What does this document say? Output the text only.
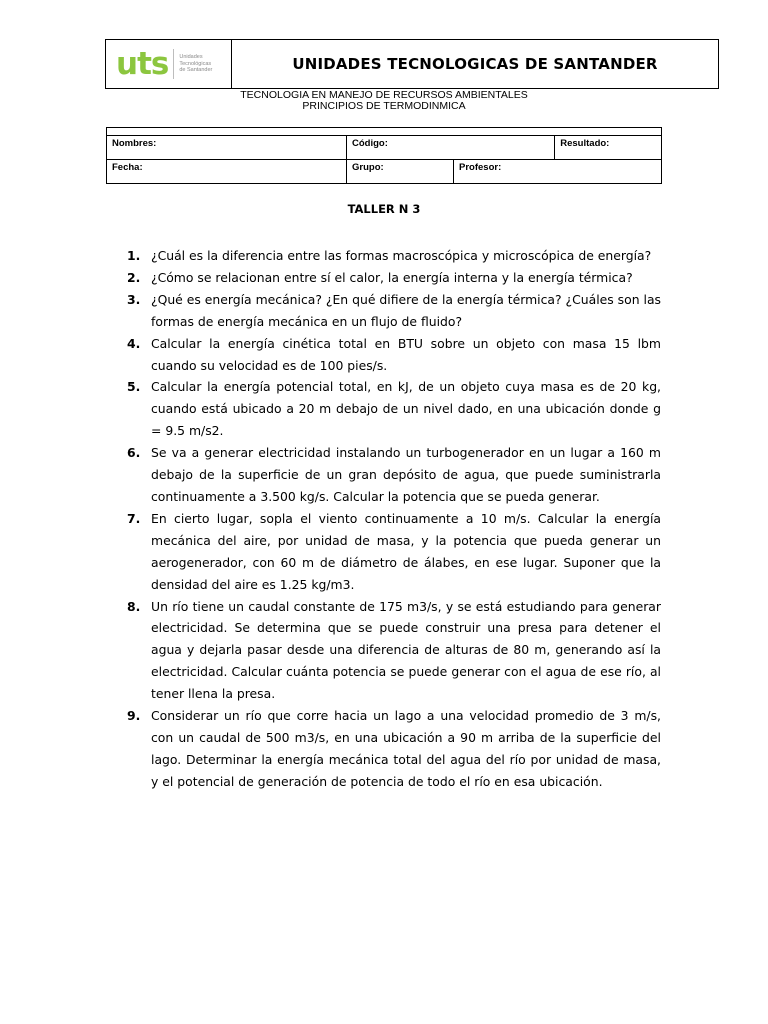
uts Unidades
Tecnológicas
de Santander	UNIDADES TECNOLOGICAS DE SANTANDER
TECNOLOGIA EN MANEJO DE RECURSOS AMBIENTALES
PRINCIPIOS DE TERMODINMICA

Nombres:	Código:		Resultado:
Fecha:	Grupo:	Profesor:	
TALLER N 3
1. ¿Cuál es la diferencia entre las formas macroscópica y microscópica de energía?
2. ¿Cómo se relacionan entre sí el calor, la energía interna y la energía térmica?
3. ¿Qué es energía mecánica? ¿En qué difiere de la energía térmica? ¿Cuáles son las formas de energía mecánica en un flujo de fluido?
4. Calcular la energía cinética total en BTU sobre un objeto con masa 15 lbm cuando su velocidad es de 100 pies/s.
5. Calcular la energía potencial total, en kJ, de un objeto cuya masa es de 20 kg, cuando está ubicado a 20 m debajo de un nivel dado, en una ubicación donde g = 9.5 m/s2.
6. Se va a generar electricidad instalando un turbogenerador en un lugar a 160 m debajo de la superficie de un gran depósito de agua, que puede suministrarla continuamente a 3.500 kg/s. Calcular la potencia que se pueda generar.
7. En cierto lugar, sopla el viento continuamente a 10 m/s. Calcular la energía mecánica del aire, por unidad de masa, y la potencia que pueda generar un aerogenerador, con 60 m de diámetro de álabes, en ese lugar. Suponer que la densidad del aire es 1.25 kg/m3.
8. Un río tiene un caudal constante de 175 m3/s, y se está estudiando para generar electricidad. Se determina que se puede construir una presa para detener el agua y dejarla pasar desde una diferencia de alturas de 80 m, generando así la electricidad. Calcular cuánta potencia se puede generar con el agua de ese río, al tener llena la presa.
9. Considerar un río que corre hacia un lago a una velocidad promedio de 3 m/s, con un caudal de 500 m3/s, en una ubicación a 90 m arriba de la superficie del lago. Determinar la energía mecánica total del agua del río por unidad de masa, y el potencial de generación de potencia de todo el río en esa ubicación.
